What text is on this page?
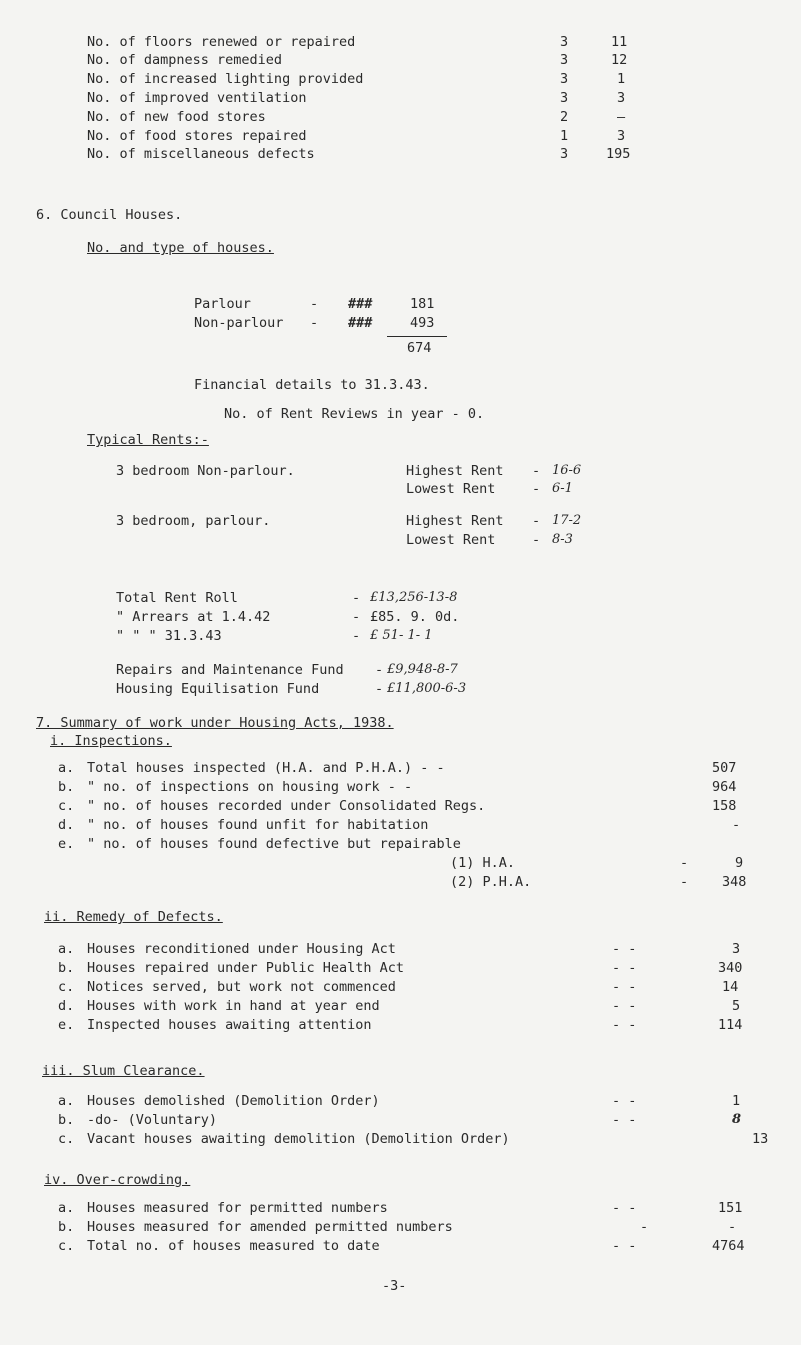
No. of floors renewed or repaired	3	11
No. of dampness remedied	3	12
No. of increased lighting provided	3	1
No. of improved ventilation	3	3
No. of new food stores	2	–
No. of food stores repaired	1	3
No. of miscellaneous defects	3	195
6. Council Houses.
No. and type of houses.
Parlour	- ###	181
Non-parlour - ###	493
674
Financial details to 31.3.43.
No. of Rent Reviews in year - 0.
Typical Rents:-
3 bedroom Non-parlour.	Highest Rent - 16-6
Lowest Rent	- 6-1
3 bedroom, parlour.	Highest Rent - 17-2
Lowest Rent	- 8-3
Total Rent Roll	- £13,256-13-8
" Arrears at 1.4.42	- £85. 9. 0d.
" " " 31.3.43	- £ 51- 1- 1
Repairs and Maintenance Fund - £9,948-8-7
Housing Equilisation Fund	- £11,800-6-3
7. Summary of work under Housing Acts, 1938.
i. Inspections.
a. Total houses inspected (H.A. and P.H.A.) - -	507
b. " no. of inspections on housing work - -	964
c. " no. of houses recorded under Consolidated Regs.	158
d. " no. of houses found unfit for habitation	-
e. " no. of houses found defective but repairable
(1) H.A.	-	9
(2) P.H.A.	-	348
ii. Remedy of Defects.
a. Houses reconditioned under Housing Act	- -	3
b. Houses repaired under Public Health Act	- -	340
c. Notices served, but work not commenced	- -	14
d. Houses with work in hand at year end	- -	5
e. Inspected houses awaiting attention	- -	114
iii. Slum Clearance.
a. Houses demolished (Demolition Order)	- -	1
b. -do- (Voluntary)	- -	8
c. Vacant houses awaiting demolition (Demolition Order)	13
iv. Over-crowding.
a. Houses measured for permitted numbers	- -	151
b. Houses measured for amended permitted numbers	-	-
c. Total no. of houses measured to date	- -	4764
-3-
